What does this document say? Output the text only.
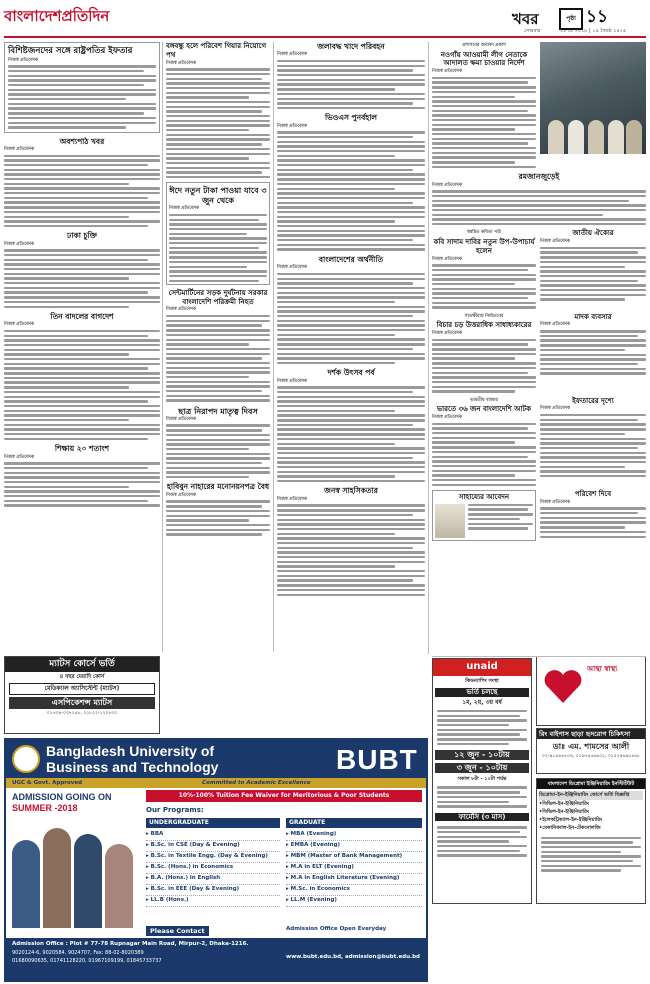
বাংলাদেশপ্রতিদিন	খবর	পৃষ্ঠা ১১
সোমবার	২৮ মে ২০১৮ | ১৪ জ্যৈষ্ঠ ১৪২৫
বিশিষ্টজনদের সঙ্গে রাষ্ট্রপতির ইফতার
নিজস্ব প্রতিবেদক
অবশ্যপাঠ খবর
নিজস্ব প্রতিবেদক
ঢাকা চুক্তি
নিজস্ব প্রতিবেদক
তিন বাদলের বাগদেশ
নিজস্ব প্রতিবেদক
শিক্ষায় ২০ শতাংশ
নিজস্ব প্রতিবেদক
বঙ্গবন্ধু হলে পরিবেশ গিয়ার নিয়োগে পথ
নিজস্ব প্রতিবেদক
ঈদে নতুন টাকা পাওয়া যাবে ৩ জুন থেকে
নিজস্ব প্রতিবেদক
সেন্টমার্টিনের সড়ক দুর্ঘটনায় সরকার বাংলাদেশি পরিক্রমী নিহত
নিজস্ব প্রতিবেদক
ছাত্র নিরাপদ মাতৃত্ব দিবস
নিজস্ব প্রতিবেদক
হাবিবুন নাহারের মনোনয়নপত্র বৈধ
নিজস্ব প্রতিবেদক
জলাবদ্ধ খাদে পরিবহন
নিজস্ব প্রতিবেদক
ভিওএস পুনর্বহাল
নিজস্ব প্রতিবেদক
বাংলাদেশের অর্থনীতি
নিজস্ব প্রতিবেদক
দর্শক উৎসব পর্ব
নিজস্ব প্রতিবেদক
জনস্ব সাহসিকতার
নিজস্ব প্রতিবেদক
প্রশাসনের জবাবদ প্রকাশ
নওগাঁয় আওয়ামী লীগ নেতাকে আদালত ক্ষমা চাওয়ার নির্দেশ
নিজস্ব প্রতিবেদক
রমজানজুড়েই
নিজস্ব প্রতিবেদক
স্বরচিত কবিতা পাঠ
কবি সাদাম দাবির নতুন উপ-উপাচার্য হলেন
নিজস্ব প্রতিবেদক
জাতীয় ঐক্যের
নিজস্ব প্রতিবেদক
সাতক্ষীরায় নির্যাতনের
বিচার চড় উত্তরাধিক সাধাধ্যকারের
নিজস্ব প্রতিবেদক
মাদক ব্যবসার
নিজস্ব প্রতিবেদক
ভারতীয় বাজার
ভারতে ৩৬ জন বাংলাদেশি আটক
নিজস্ব প্রতিবেদক
ইফতারের দৃশ্যে
নিজস্ব প্রতিবেদক
সাহায্যের আবেদন	পরিবেশ দিবে
নিজস্ব প্রতিবেদক
ম্যাটস কোর্সে ভর্তি
৪ বছর মেয়াদি কোর্স
মেডিক্যাল অ্যাসিস্টেন্ট (ম্যাটস)
এসপিকেশন্স ম্যাটস
০১৭৩৪-০৩৭২৪৮, ০১৮২২-১২০৮৩০
unaid
কিডন্যাপিং সংস্থা
ভর্তি চলছে
১ম, ২য়, ৩য় বর্ষ
১২ জুন - ১০টায়
৩ জুন - ১০টায়
সকাল ৮টা - ১০টা পর্যন্ত
ফার্মেসি (৩ মাস)
আস্থা স্বাস্থ্য
রিং বাইপাস ছাড়া হৃদরোগ চিকিৎসা
ডাঃ এম. শামসের আলী
০২-৯১৪৪৪৫০৪, ০১৬৭৪৫৬৯০২, ০১৫২৯৬৯৫৪৪৮
বাংলাদেশ ডিপ্লোমা ইঞ্জিনিয়ারিং ইনস্টিটিউট
ডিপ্লোমা-ইন-ইঞ্জিনিয়ারিং কোর্সে ভর্তি বিজ্ঞপ্তি
•সিভিল-ইন-ইঞ্জিনিয়ারিং
•সিভিল-ইন-ইঞ্জিনিয়ারিং
•ইলেকট্রিক্যাল-ইন-ইঞ্জিনিয়ারিং
•মেকানিক্যাল-ইন-টেকনোলজি
Bangladesh University of
Business and Technology	BUBT
UGC & Govt. Approved	Committed to Academic Excellence
ADMISSION GOING ON
SUMMER -2018
10%-100% Tuition Fee Waiver for Meritorious & Poor Students
Our Programs:
UNDERGRADUATE
▸ BBA
▸ B.Sc. in CSE (Day & Evening)
▸ B.Sc. in Textile Engg. (Day & Evening)
▸ B.Sc. (Hons.) in Economics
▸ B.A. (Hons.) in English
▸ B.Sc. in EEE (Day & Evening)
▸ LL.B (Hons.)
GRADUATE
▸ MBA (Evening)
▸ EMBA (Evening)
▸ MBM (Master of Bank Management)
▸ M.A in ELT (Evening)
▸ M.A in English Literature (Evening)
▸ M.Sc. in Economics
▸ LL.M (Evening)
Please Contact	Admission Office Open Everyday
Admission Office : Plot # 77-78 Rupnagar Main Road, Mirpur-2, Dhaka-1216.
9020124-6, 9020584, 9024707, Fax: 88-02-8020389
01680090635, 01741128220, 01967109199, 01845733737
www.bubt.edu.bd, admission@bubt.edu.bd
